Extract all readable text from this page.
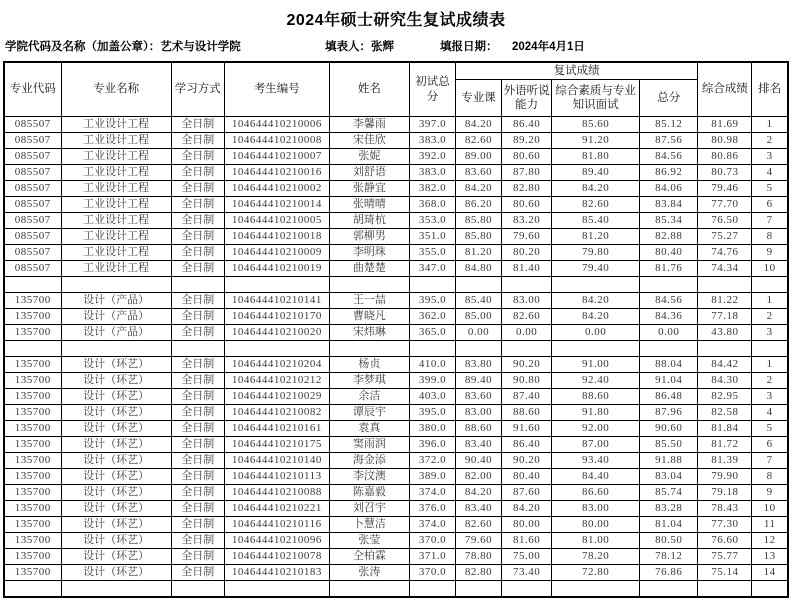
2024年硕士研究生复试成绩表
学院代码及名称（加盖公章）：艺术与设计学院	填表人：张辉	填报日期： 2024年4月1日
专业代码	专业名称	学习方式	考生编号	姓名	初试总分	复试成绩				综合成绩	排名
						专业课	外语听说能力	综合素质与专业知识面试	总分		
085507	工业设计工程	全日制	104644410210006	李馨雨	397.0	84.20	86.40	85.60	85.12	81.69	1
085507	工业设计工程	全日制	104644410210008	宋佳欣	383.0	82.60	89.20	91.20	87.56	80.98	2
085507	工业设计工程	全日制	104644410210007	张妮	392.0	89.00	80.60	81.80	84.56	80.86	3
085507	工业设计工程	全日制	104644410210016	刘舒语	383.0	83.60	87.80	89.40	86.92	80.73	4
085507	工业设计工程	全日制	104644410210002	张静宜	382.0	84.20	82.80	84.20	84.06	79.46	5
085507	工业设计工程	全日制	104644410210014	张晴晴	368.0	86.20	80.60	82.60	83.84	77.70	6
085507	工业设计工程	全日制	104644410210005	胡琦杭	353.0	85.80	83.20	85.40	85.34	76.50	7
085507	工业设计工程	全日制	104644410210018	郭柳男	351.0	85.80	79.60	81.20	82.88	75.27	8
085507	工业设计工程	全日制	104644410210009	李明珠	355.0	81.20	80.20	79.80	80.40	74.76	9
085507	工业设计工程	全日制	104644410210019	曲楚楚	347.0	84.80	81.40	79.40	81.76	74.34	10

135700	设计（产品）	全日制	104644410210141	王一喆	395.0	85.40	83.00	84.20	84.56	81.22	1
135700	设计（产品）	全日制	104644410210170	曹晓凡	362.0	85.00	82.60	84.20	84.36	77.18	2
135700	设计（产品）	全日制	104644410210020	宋炜琳	365.0	0.00	0.00	0.00	0.00	43.80	3

135700	设计（环艺）	全日制	104644410210204	杨贞	410.0	83.80	90.20	91.00	88.04	84.42	1
135700	设计（环艺）	全日制	104644410210212	李梦琪	399.0	89.40	90.80	92.40	91.04	84.30	2
135700	设计（环艺）	全日制	104644410210029	余洁	403.0	83.60	87.40	88.60	86.48	82.95	3
135700	设计（环艺）	全日制	104644410210082	谭辰宇	395.0	83.00	88.60	91.80	87.96	82.58	4
135700	设计（环艺）	全日制	104644410210161	袁真	380.0	88.60	91.60	92.00	90.60	81.84	5
135700	设计（环艺）	全日制	104644410210175	窦雨润	396.0	83.40	86.40	87.00	85.50	81.72	6
135700	设计（环艺）	全日制	104644410210140	海金添	372.0	90.40	90.20	93.40	91.88	81.39	7
135700	设计（环艺）	全日制	104644410210113	李汶澳	389.0	82.00	80.40	84.40	83.04	79.90	8
135700	设计（环艺）	全日制	104644410210088	陈嘉毅	374.0	84.20	87.60	86.60	85.74	79.18	9
135700	设计（环艺）	全日制	104644410210221	刘召宇	376.0	83.40	84.20	83.00	83.28	78.43	10
135700	设计（环艺）	全日制	104644410210116	卜慧洁	374.0	82.60	80.00	80.00	81.04	77.30	11
135700	设计（环艺）	全日制	104644410210096	张莹	370.0	79.60	81.60	81.00	80.50	76.60	12
135700	设计（环艺）	全日制	104644410210078	仝柏霖	371.0	78.80	75.00	78.20	78.12	75.77	13
135700	设计（环艺）	全日制	104644410210183	张涛	370.0	82.80	73.40	72.80	76.86	75.14	14
